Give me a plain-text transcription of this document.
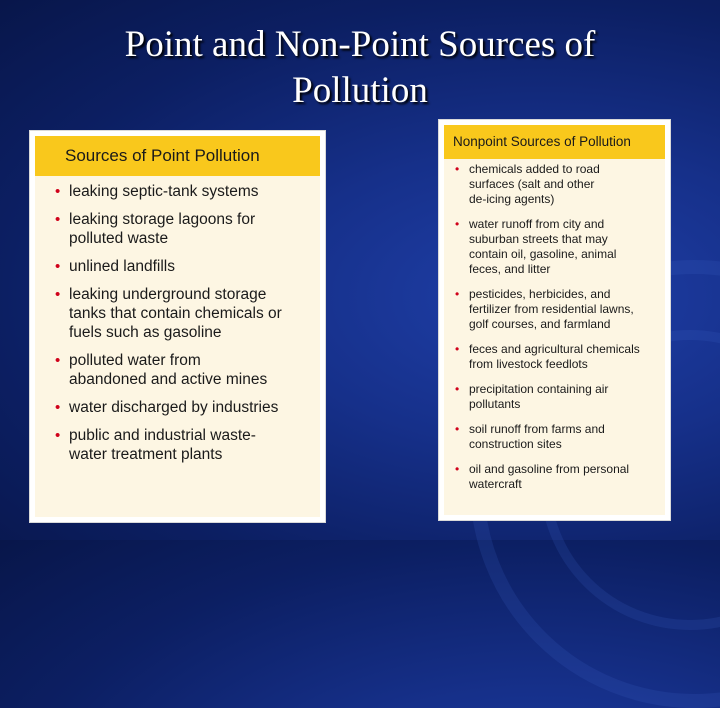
Point and Non-Point Sources of
Pollution
Sources of Point Pollution
• leaking septic-tank systems
• leaking storage lagoons for
polluted waste
• unlined landfills
• leaking underground storage
tanks that contain chemicals or
fuels such as gasoline
• polluted water from
abandoned and active mines
• water discharged by industries
• public and industrial waste-
water treatment plants
Nonpoint Sources of Pollution
• chemicals added to road
surfaces (salt and other
de-icing agents)
• water runoff from city and
suburban streets that may
contain oil, gasoline, animal
feces, and litter
• pesticides, herbicides, and
fertilizer from residential lawns,
golf courses, and farmland
• feces and agricultural chemicals
from livestock feedlots
• precipitation containing air
pollutants
• soil runoff from farms and
construction sites
• oil and gasoline from personal
watercraft
